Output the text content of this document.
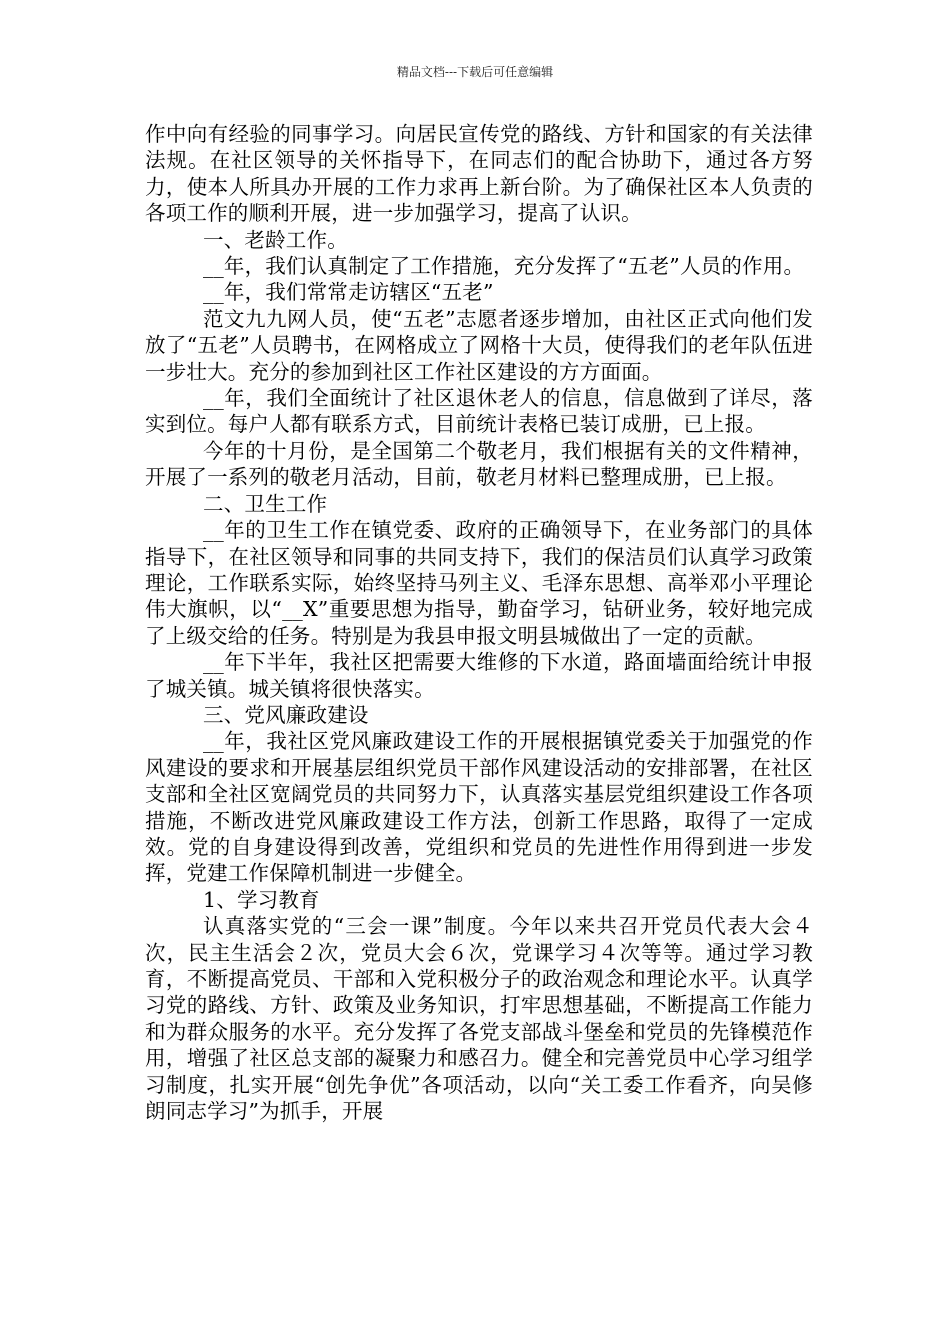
精品文档---下载后可任意编辑

作中向有经验的同事学习。向居民宣传党的路线、方针和国家的有关法律法规。在社区领导的关怀指导下，在同志们的配合协助下，通过各方努力，使本人所具办开展的工作力求再上新台阶。为了确保社区本人负责的各项工作的顺利开展，进一步加强学习，提高了认识。

一、老龄工作。

__年，我们认真制定了工作措施，充分发挥了“五老”人员的作用。

__年，我们常常走访辖区“五老”

范文九九网人员，使“五老”志愿者逐步增加，由社区正式向他们发放了“五老”人员聘书，在网格成立了网格十大员，使得我们的老年队伍进一步壮大。充分的参加到社区工作社区建设的方方面面。

__年，我们全面统计了社区退休老人的信息，信息做到了详尽，落实到位。每户人都有联系方式，目前统计表格已装订成册，已上报。

今年的十月份，是全国第二个敬老月，我们根据有关的文件精神，开展了一系列的敬老月活动，目前，敬老月材料已整理成册，已上报。

二、卫生工作

__年的卫生工作在镇党委、政府的正确领导下，在业务部门的具体指导下，在社区领导和同事的共同支持下，我们的保洁员们认真学习政策理论，工作联系实际，始终坚持马列主义、毛泽东思想、高举邓小平理论伟大旗帜，以“__X”重要思想为指导，勤奋学习，钻研业务，较好地完成了上级交给的任务。特别是为我县申报文明县城做出了一定的贡献。

__年下半年，我社区把需要大维修的下水道，路面墙面给统计申报了城关镇。城关镇将很快落实。

三、党风廉政建设

__年，我社区党风廉政建设工作的开展根据镇党委关于加强党的作风建设的要求和开展基层组织党员干部作风建设活动的安排部署，在社区支部和全社区宽阔党员的共同努力下，认真落实基层党组织建设工作各项措施，不断改进党风廉政建设工作方法，创新工作思路，取得了一定成效。党的自身建设得到改善，党组织和党员的先进性作用得到进一步发挥，党建工作保障机制进一步健全。

1、学习教育

认真落实党的“三会一课”制度。今年以来共召开党员代表大会４次，民主生活会２次，党员大会６次，党课学习４次等等。通过学习教育，不断提高党员、干部和入党积极分子的政治观念和理论水平。认真学习党的路线、方针、政策及业务知识，打牢思想基础，不断提高工作能力和为群众服务的水平。充分发挥了各党支部战斗堡垒和党员的先锋模范作用，增强了社区总支部的凝聚力和感召力。健全和完善党员中心学习组学习制度，扎实开展“创先争优”各项活动，以向“关工委工作看齐，向吴修朗同志学习”为抓手，开展
